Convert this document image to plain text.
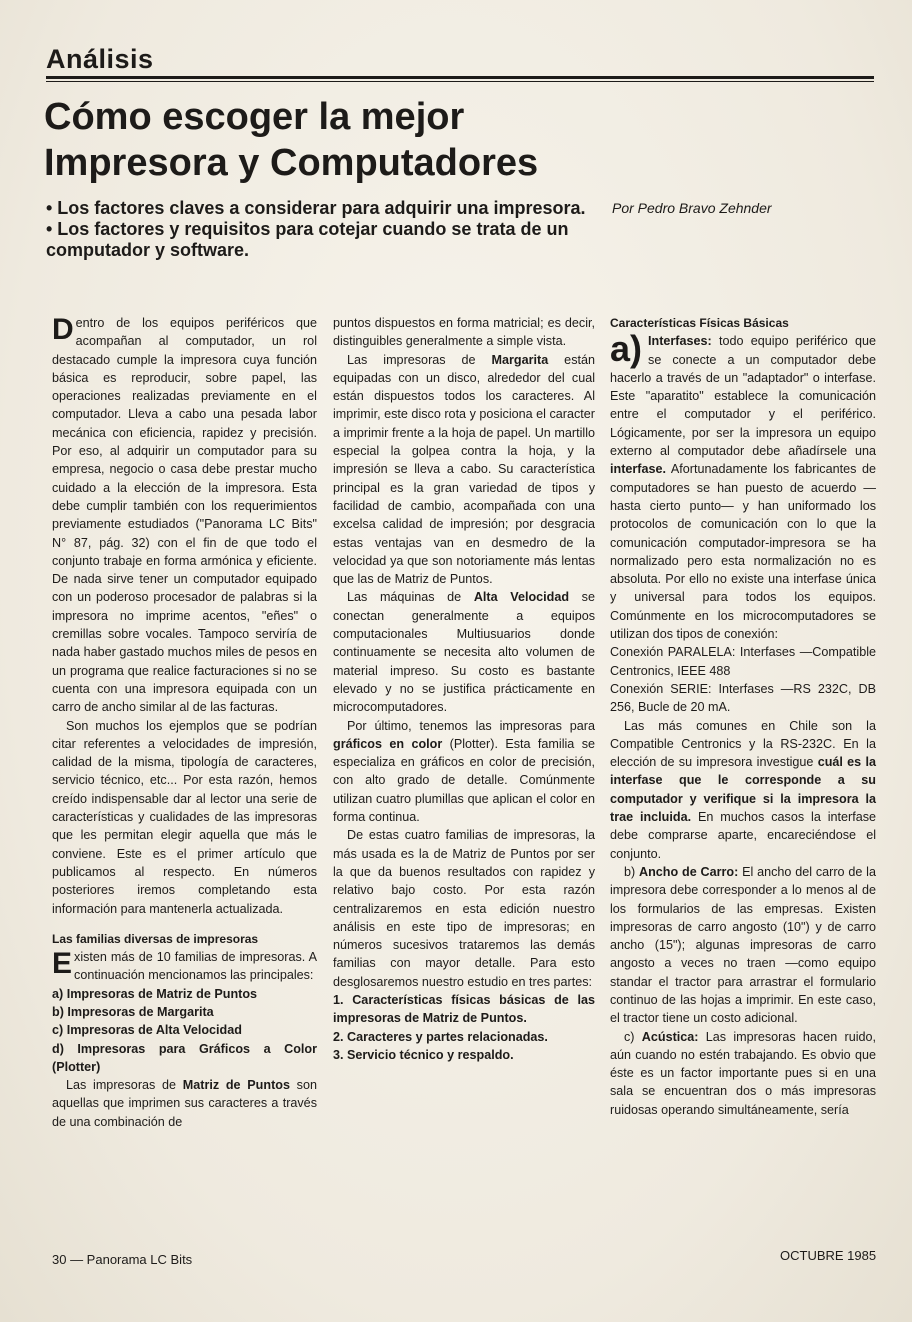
Análisis
Cómo escoger la mejor
Impresora y Computadores
• Los factores claves a considerar para adquirir una impresora.
• Los factores y requisitos para cotejar cuando se trata de un computador y software.
Por Pedro Bravo Zehnder

Dentro de los equipos periféricos que acompañan al computador, un rol destacado cumple la impresora cuya función básica es reproducir, sobre papel, las operaciones realizadas previamente en el computador. Lleva a cabo una pesada labor mecánica con eficiencia, rapidez y precisión. Por eso, al adquirir un computador para su empresa, negocio o casa debe prestar mucho cuidado a la elección de la impresora. Esta debe cumplir también con los requerimientos previamente estudiados ("Panorama LC Bits" N° 87, pág. 32) con el fin de que todo el conjunto trabaje en forma armónica y eficiente. De nada sirve tener un computador equipado con un poderoso procesador de palabras si la impresora no imprime acentos, "eñes" o cremillas sobre vocales. Tampoco serviría de nada haber gastado muchos miles de pesos en un programa que realice facturaciones si no se cuenta con una impresora equipada con un carro de ancho similar al de las facturas.

Son muchos los ejemplos que se podrían citar referentes a velocidades de impresión, calidad de la misma, tipología de caracteres, servicio técnico, etc... Por esta razón, hemos creído indispensable dar al lector una serie de características y cualidades de las impresoras que les permitan elegir aquella que más le conviene. Este es el primer artículo que publicamos al respecto. En números posteriores iremos completando esta información para mantenerla actualizada.

Las familias diversas de impresoras

Existen más de 10 familias de impresoras. A continuación mencionamos las principales:

a) Impresoras de Matriz de Puntos

b) Impresoras de Margarita

c) Impresoras de Alta Velocidad

d) Impresoras para Gráficos a Color (Plotter)

Las impresoras de Matriz de Puntos son aquellas que imprimen sus caracteres a través de una combinación de

puntos dispuestos en forma matricial; es decir, distinguibles generalmente a simple vista.

Las impresoras de Margarita están equipadas con un disco, alrededor del cual están dispuestos todos los caracteres. Al imprimir, este disco rota y posiciona el caracter a imprimir frente a la hoja de papel. Un martillo especial la golpea contra la hoja, y la impresión se lleva a cabo. Su característica principal es la gran variedad de tipos y facilidad de cambio, acompañada con una excelsa calidad de impresión; por desgracia estas ventajas van en desmedro de la velocidad ya que son notoriamente más lentas que las de Matriz de Puntos.

Las máquinas de Alta Velocidad se conectan generalmente a equipos computacionales Multiusuarios donde continuamente se necesita alto volumen de material impreso. Su costo es bastante elevado y no se justifica prácticamente en microcomputadores.

Por último, tenemos las impresoras para gráficos en color (Plotter). Esta familia se especializa en gráficos en color de precisión, con alto grado de detalle. Comúnmente utilizan cuatro plumillas que aplican el color en forma continua.

De estas cuatro familias de impresoras, la más usada es la de Matriz de Puntos por ser la que da buenos resultados con rapidez y relativo bajo costo. Por esta razón centralizaremos en esta edición nuestro análisis en este tipo de impresoras; en números sucesivos trataremos las demás familias con mayor detalle. Para esto desglosaremos nuestro estudio en tres partes:

1. Características físicas básicas de las impresoras de Matriz de Puntos.

2. Caracteres y partes relacionadas.

3. Servicio técnico y respaldo.

Características Físicas Básicas

a) Interfases: todo equipo periférico que se conecte a un computador debe hacerlo a través de un "adaptador" o interfase. Este "aparatito" establece la comunicación entre el computador y el periférico. Lógicamente, por ser la impresora un equipo externo al computador debe añadírsele una interfase. Afortunadamente los fabricantes de computadores se han puesto de acuerdo —hasta cierto punto— y han uniformado los protocolos de comunicación con lo que la comunicación computador-impresora se ha normalizado pero esta normalización no es absoluta. Por ello no existe una interfase única y universal para todos los equipos. Comúnmente en los microcomputadores se utilizan dos tipos de conexión:

Conexión PARALELA: Interfases —Compatible Centronics, IEEE 488

Conexión SERIE: Interfases —RS 232C, DB 256, Bucle de 20 mA.

Las más comunes en Chile son la Compatible Centronics y la RS-232C. En la elección de su impresora investigue cuál es la interfase que le corresponde a su computador y verifique si la impresora la trae incluida. En muchos casos la interfase debe comprarse aparte, encareciéndose el conjunto.

b) Ancho de Carro: El ancho del carro de la impresora debe corresponder a lo menos al de los formularios de las empresas. Existen impresoras de carro angosto (10") y de carro ancho (15"); algunas impresoras de carro angosto a veces no traen —como equipo standar el tractor para arrastrar el formulario continuo de las hojas a imprimir. En este caso, el tractor tiene un costo adicional.

c) Acústica: Las impresoras hacen ruido, aún cuando no estén trabajando. Es obvio que éste es un factor importante pues si en una sala se encuentran dos o más impresoras ruidosas operando simultáneamente, sería

30 — Panorama LC Bits	OCTUBRE 1985
